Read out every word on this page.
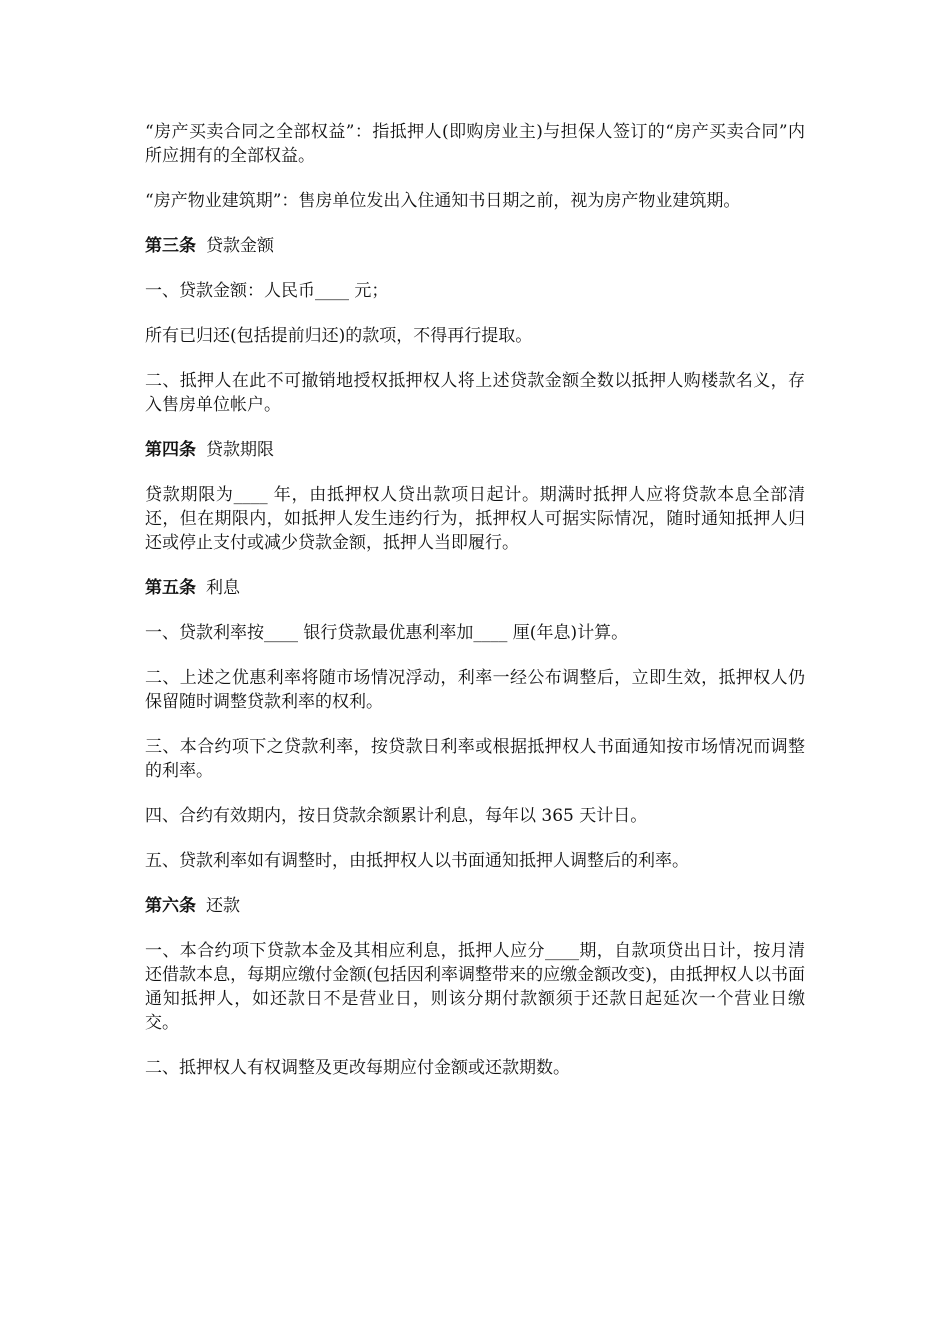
“房产买卖合同之全部权益”：指抵押人(即购房业主)与担保人签订的“房产买卖合同”内所应拥有的全部权益。

“房产物业建筑期”：售房单位发出入住通知书日期之前，视为房产物业建筑期。

第三条 贷款金额

一、贷款金额：人民币____ 元；

所有已归还(包括提前归还)的款项，不得再行提取。

二、抵押人在此不可撤销地授权抵押权人将上述贷款金额全数以抵押人购楼款名义，存入售房单位帐户。

第四条 贷款期限

贷款期限为____ 年，由抵押权人贷出款项日起计。期满时抵押人应将贷款本息全部清还，但在期限内，如抵押人发生违约行为，抵押权人可据实际情况，随时通知抵押人归还或停止支付或减少贷款金额，抵押人当即履行。

第五条 利息

一、贷款利率按____ 银行贷款最优惠利率加____ 厘(年息)计算。

二、上述之优惠利率将随市场情况浮动，利率一经公布调整后，立即生效，抵押权人仍保留随时调整贷款利率的权利。

三、本合约项下之贷款利率，按贷款日利率或根据抵押权人书面通知按市场情况而调整的利率。

四、合约有效期内，按日贷款余额累计利息，每年以 365 天计日。

五、贷款利率如有调整时，由抵押权人以书面通知抵押人调整后的利率。

第六条 还款

一、本合约项下贷款本金及其相应利息，抵押人应分____期，自款项贷出日计，按月清还借款本息，每期应缴付金额(包括因利率调整带来的应缴金额改变)，由抵押权人以书面通知抵押人，如还款日不是营业日，则该分期付款额须于还款日起延次一个营业日缴交。

二、抵押权人有权调整及更改每期应付金额或还款期数。
